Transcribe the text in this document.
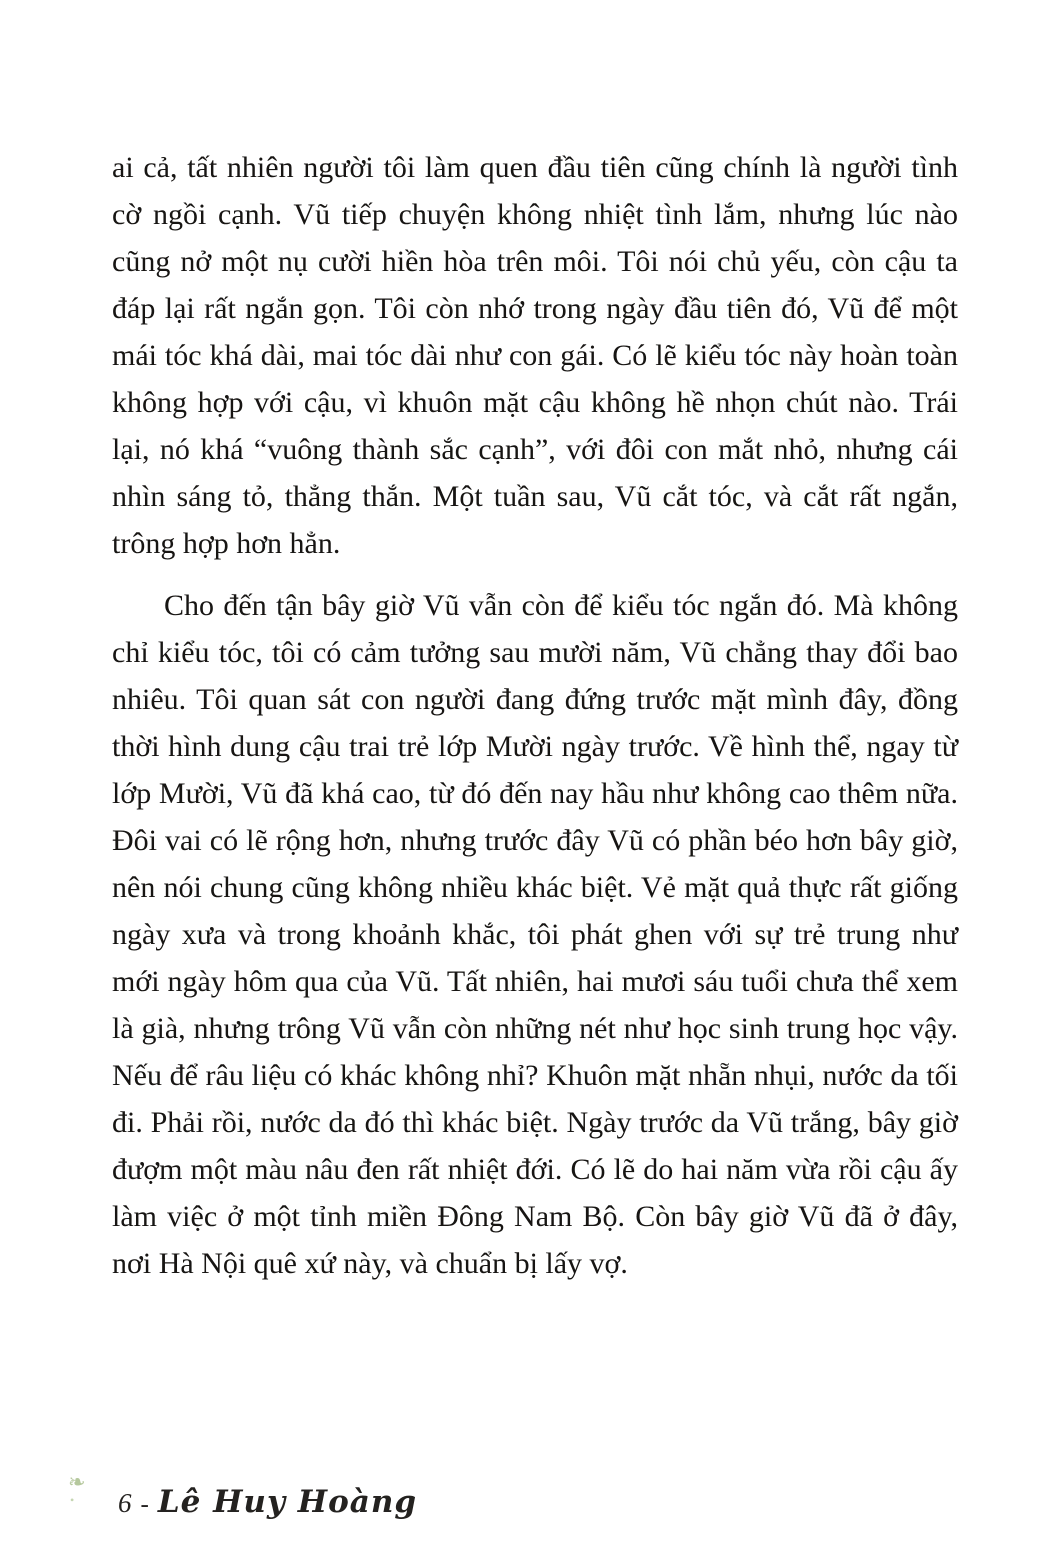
ai cả, tất nhiên người tôi làm quen đầu tiên cũng chính là người tình cờ ngồi cạnh. Vũ tiếp chuyện không nhiệt tình lắm, nhưng lúc nào cũng nở một nụ cười hiền hòa trên môi. Tôi nói chủ yếu, còn cậu ta đáp lại rất ngắn gọn. Tôi còn nhớ trong ngày đầu tiên đó, Vũ để một mái tóc khá dài, mai tóc dài như con gái. Có lẽ kiểu tóc này hoàn toàn không hợp với cậu, vì khuôn mặt cậu không hề nhọn chút nào. Trái lại, nó khá “vuông thành sắc cạnh”, với đôi con mắt nhỏ, nhưng cái nhìn sáng tỏ, thẳng thắn. Một tuần sau, Vũ cắt tóc, và cắt rất ngắn, trông hợp hơn hẳn.

Cho đến tận bây giờ Vũ vẫn còn để kiểu tóc ngắn đó. Mà không chỉ kiểu tóc, tôi có cảm tưởng sau mười năm, Vũ chẳng thay đổi bao nhiêu. Tôi quan sát con người đang đứng trước mặt mình đây, đồng thời hình dung cậu trai trẻ lớp Mười ngày trước. Về hình thể, ngay từ lớp Mười, Vũ đã khá cao, từ đó đến nay hầu như không cao thêm nữa. Đôi vai có lẽ rộng hơn, nhưng trước đây Vũ có phần béo hơn bây giờ, nên nói chung cũng không nhiều khác biệt. Vẻ mặt quả thực rất giống ngày xưa và trong khoảnh khắc, tôi phát ghen với sự trẻ trung như mới ngày hôm qua của Vũ. Tất nhiên, hai mươi sáu tuổi chưa thể xem là già, nhưng trông Vũ vẫn còn những nét như học sinh trung học vậy. Nếu để râu liệu có khác không nhỉ? Khuôn mặt nhẵn nhụi, nước da tối đi. Phải rồi, nước da đó thì khác biệt. Ngày trước da Vũ trắng, bây giờ đượm một màu nâu đen rất nhiệt đới. Có lẽ do hai năm vừa rồi cậu ấy làm việc ở một tỉnh miền Đông Nam Bộ. Còn bây giờ Vũ đã ở đây, nơi Hà Nội quê xứ này, và chuẩn bị lấy vợ.

❧
•	6 - Lê Huy Hoàng
